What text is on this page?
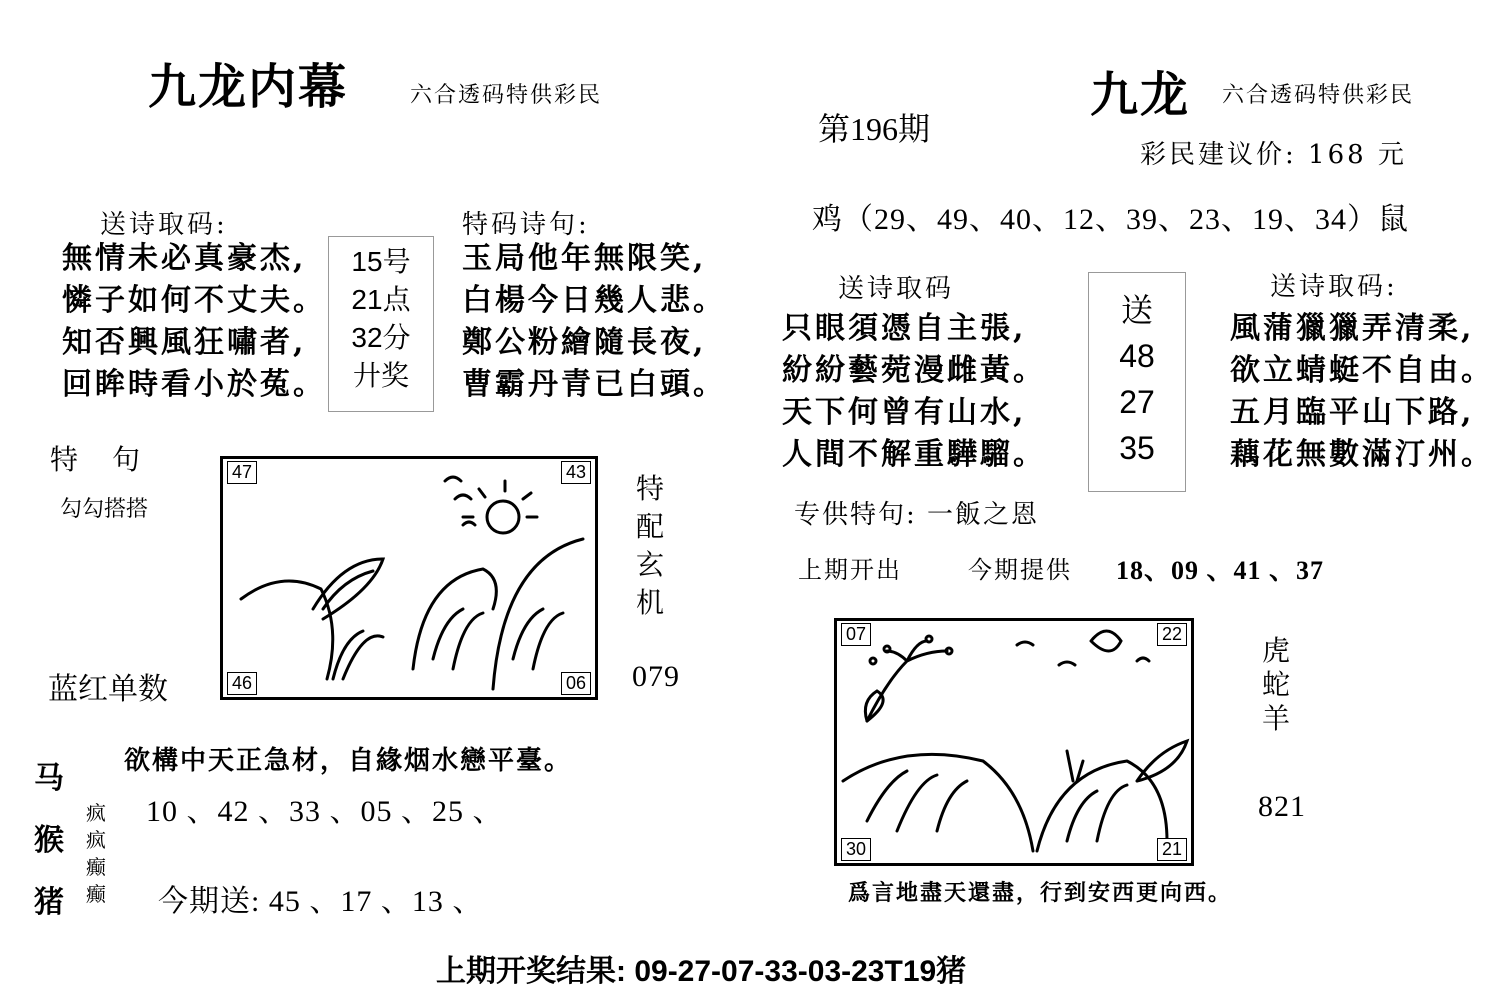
九龙内幕	六合透码特供彩民
送诗取码:
無情未必真豪杰,
憐子如何不丈夫。
知否興風狂嘯者,
回眸時看小於菟。
15号
21点
32分
廾奖
特码诗句:
玉局他年無限笑,
白楊今日幾人悲。
鄭公粉繪隨長夜,
曹霸丹青已白頭。
特　句
勾勾搭搭
47	43
46	06
特
配
玄
机
079
蓝红单数
马
猴
猪
疯
疯
癫
癫
欲構中天正急材，自緣烟水戀平臺。
10 、42 、33 、05 、25 、
今期送: 45 、17 、13 、
第196期
九龙 六合透码特供彩民
彩民建议价: 168 元
鸡（29、49、40、12、39、23、19、34）鼠
送诗取码
只眼須憑自主張,
紛紛藝菀漫雌黃。
天下何曾有山水,
人間不解重驊騮。
送
48
27
35
送诗取码:
風蒲獵獵弄清柔,
欲立蜻蜓不自由。
五月臨平山下路,
藕花無數滿汀州。
专供特句: 一飯之恩
上期开出	今期提供 18、09 、41 、37
07	22
30	21
虎
蛇
羊
821
爲言地盡天還盡，行到安西更向西。
上期开奖结果: 09-27-07-33-03-23T19猪
